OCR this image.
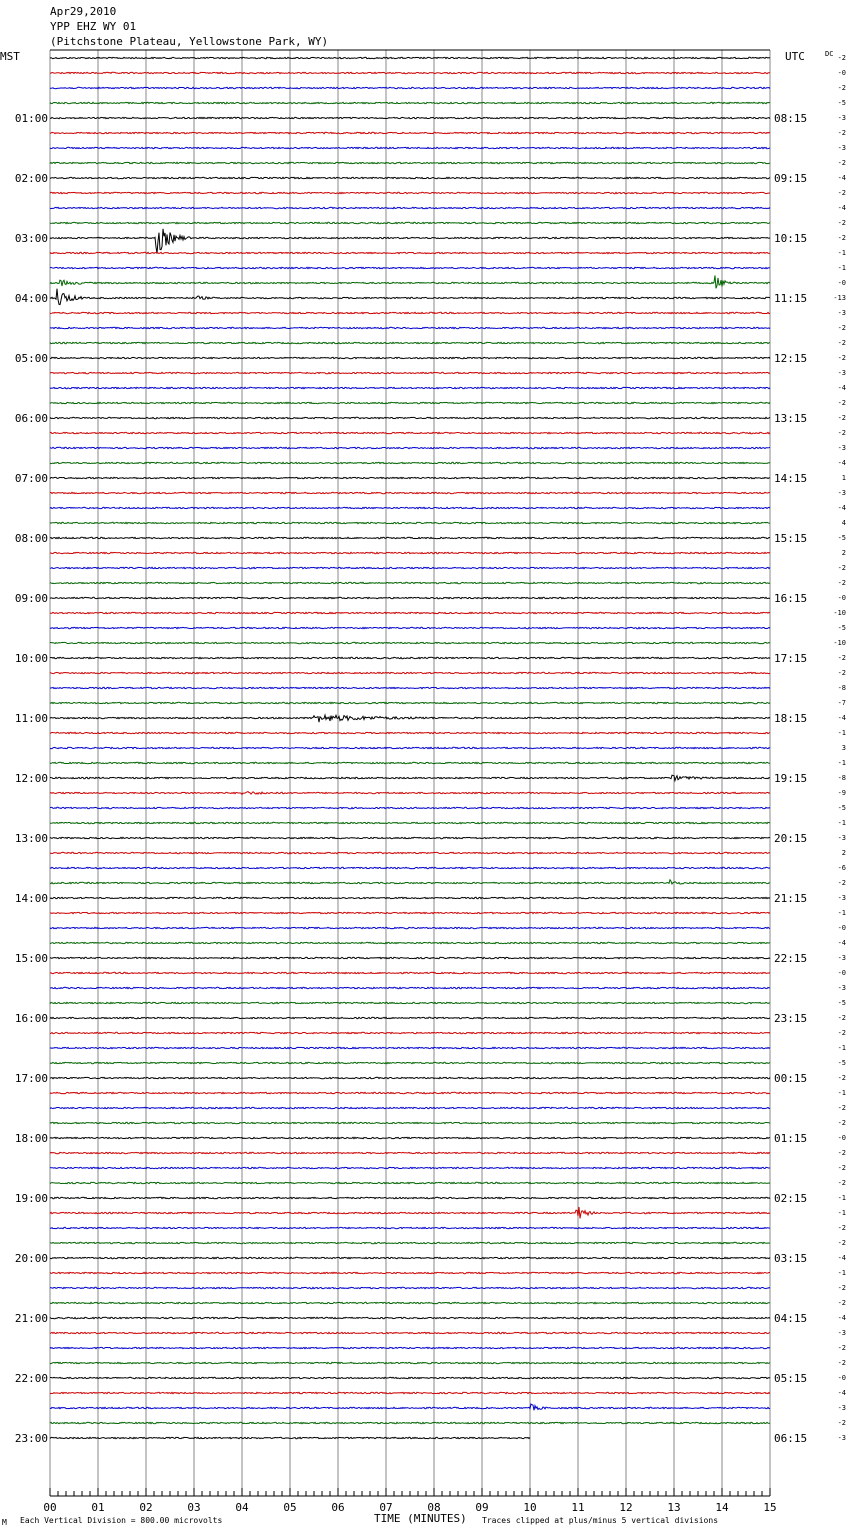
Apr29,2010
YPP EHZ WY 01
(Pitchstone Plateau, Yellowstone Park, WY)
00	01	02	03	04	05	06	07	08	09	10	11	12	13	14	15
MST	UTC	DC
01:00
02:00
03:00
04:00
05:00
06:00
07:00
08:00
09:00
10:00
11:00
12:00
13:00
14:00
15:00
16:00
17:00
18:00
19:00
20:00
21:00
22:00
23:00
08:15
09:15
10:15
11:15
12:15
13:15
14:15
15:15
16:15
17:15
18:15
19:15
20:15
21:15
22:15
23:15
00:15
01:15
02:15
03:15
04:15
05:15
06:15
-2
-0
-2
-5
-3
-2
-3
-2
-4
-2
-4
-2
-2
-1
-1
-0
-13
-3
-2
-2
-2
-3
-4
-2
-2
-2
-3
-4
1
-3
-4
4
-5
2
-2
-2
-0
-10
-5
-10
-2
-2
-8
-7
-4
-1
3
-1
-8
-9
-5
-1
-3
2
-6
-2
-3
-1
-0
-4
-3
-0
-3
-5
-2
-2
-1
-5
-2
-1
-2
-2
-0
-2
-2
-2
-1
-1
-2
-2
-4
-1
-2
-2
-4
-3
-2
-2
-0
-4
-3
-2
-3
TIME (MINUTES)
M Each Vertical Division = 800.00 microvolts	Traces clipped at plus/minus 5 vertical divisions
